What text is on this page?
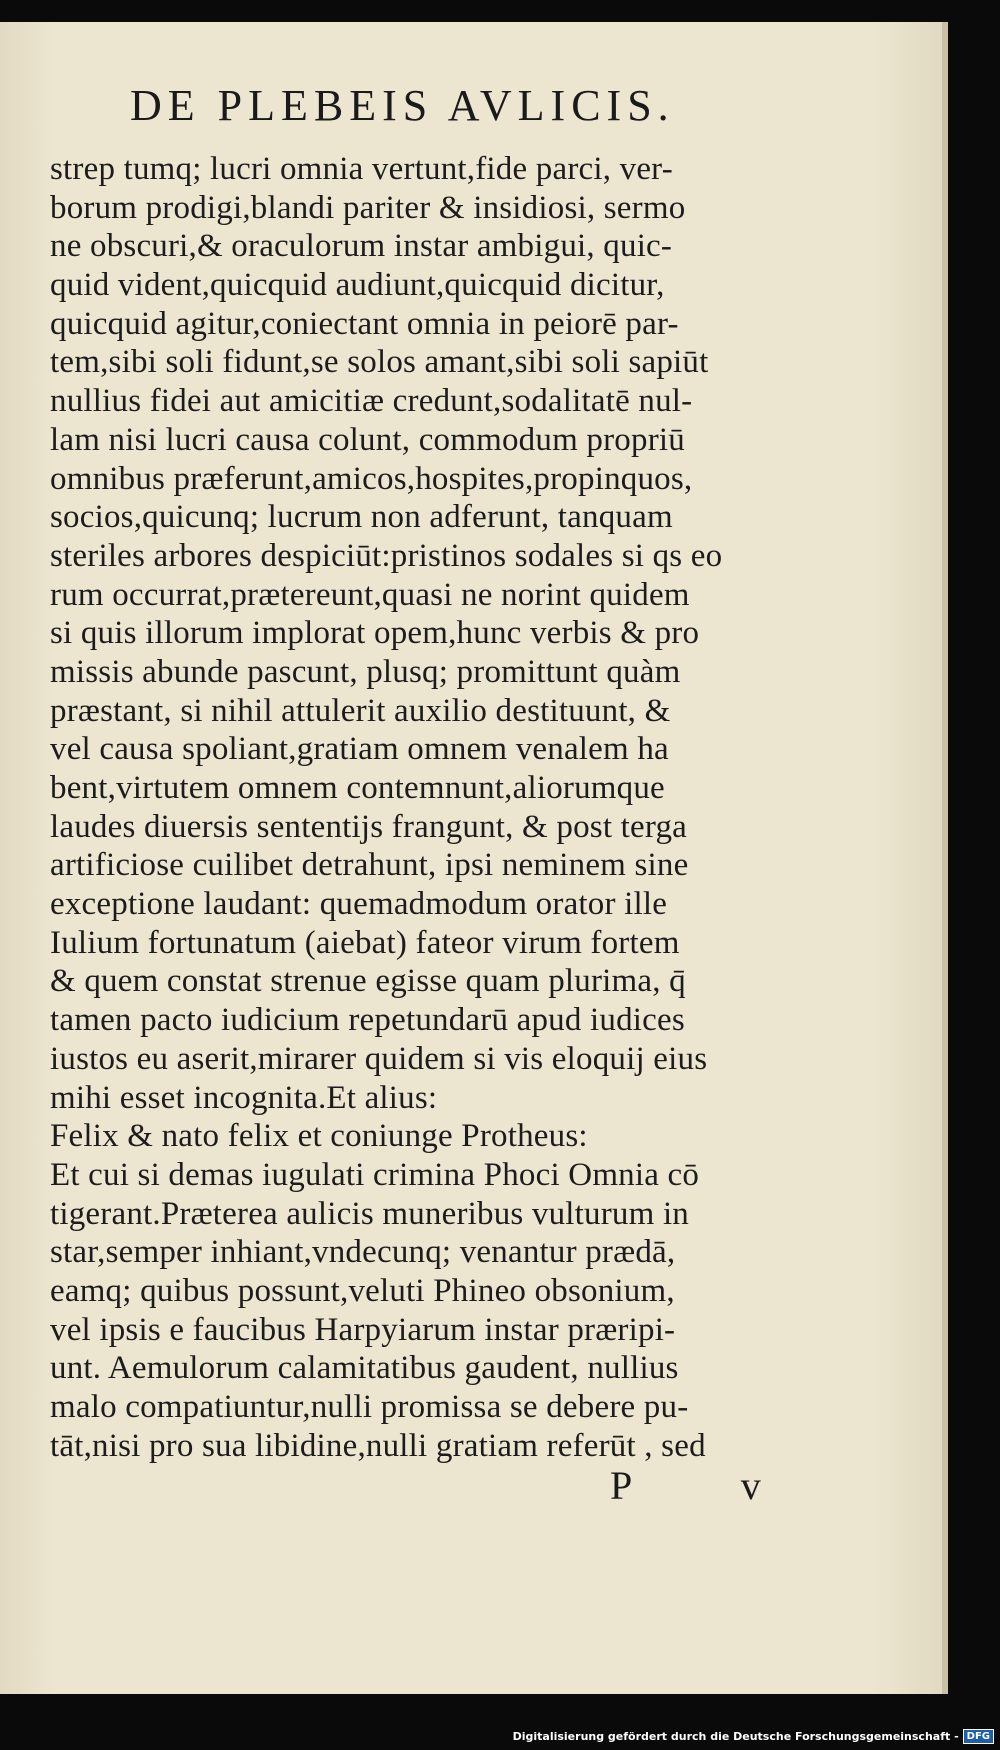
DE PLEBEIS AVLICIS.
strep tumq; lucri omnia vertunt,fide parci, ver-
borum prodigi,blandi pariter & insidiosi, sermo
ne obscuri,& oraculorum instar ambigui, quic-
quid vident,quicquid audiunt,quicquid dicitur,
quicquid agitur,coniectant omnia in peiorē par-
tem,sibi soli fidunt,se solos amant,sibi soli sapiūt
nullius fidei aut amicitiæ credunt,sodalitatē nul-
lam nisi lucri causa colunt, commodum propriū
omnibus præferunt,amicos,hospites,propinquos,
socios,quicunq; lucrum non adferunt, tanquam
steriles arbores despiciūt:pristinos sodales si qs eo
rum occurrat,prætereunt,quasi ne norint quidem
si quis illorum implorat opem,hunc verbis & pro
missis abunde pascunt, plusq; promittunt quàm
præstant, si nihil attulerit auxilio destituunt, &
vel causa spoliant,gratiam omnem venalem ha
bent,virtutem omnem contemnunt,aliorumque
laudes diuersis sententijs frangunt, & post terga
artificiose cuilibet detrahunt, ipsi neminem sine
exceptione laudant: quemadmodum orator ille
Iulium fortunatum (aiebat) fateor virum fortem
& quem constat strenue egisse quam plurima, q̄
tamen pacto iudicium repetundarū apud iudices
iustos eu aserit,mirarer quidem si vis eloquij eius
mihi esset incognita.Et alius:
Felix & nato felix et coniunge Protheus:
Et cui si demas iugulati crimina Phoci Omnia cō
tigerant.Præterea aulicis muneribus vulturum in
star,semper inhiant,vndecunq; venantur prædā,
eamq; quibus possunt,veluti Phineo obsonium,
vel ipsis e faucibus Harpyiarum instar præripi-
unt. Aemulorum calamitatibus gaudent, nullius
malo compatiuntur,nulli promissa se debere pu-
tāt,nisi pro sua libidine,nulli gratiam referūt , sed
P v
Digitalisierung gefördert durch die Deutsche Forschungsgemeinschaft - DFG
